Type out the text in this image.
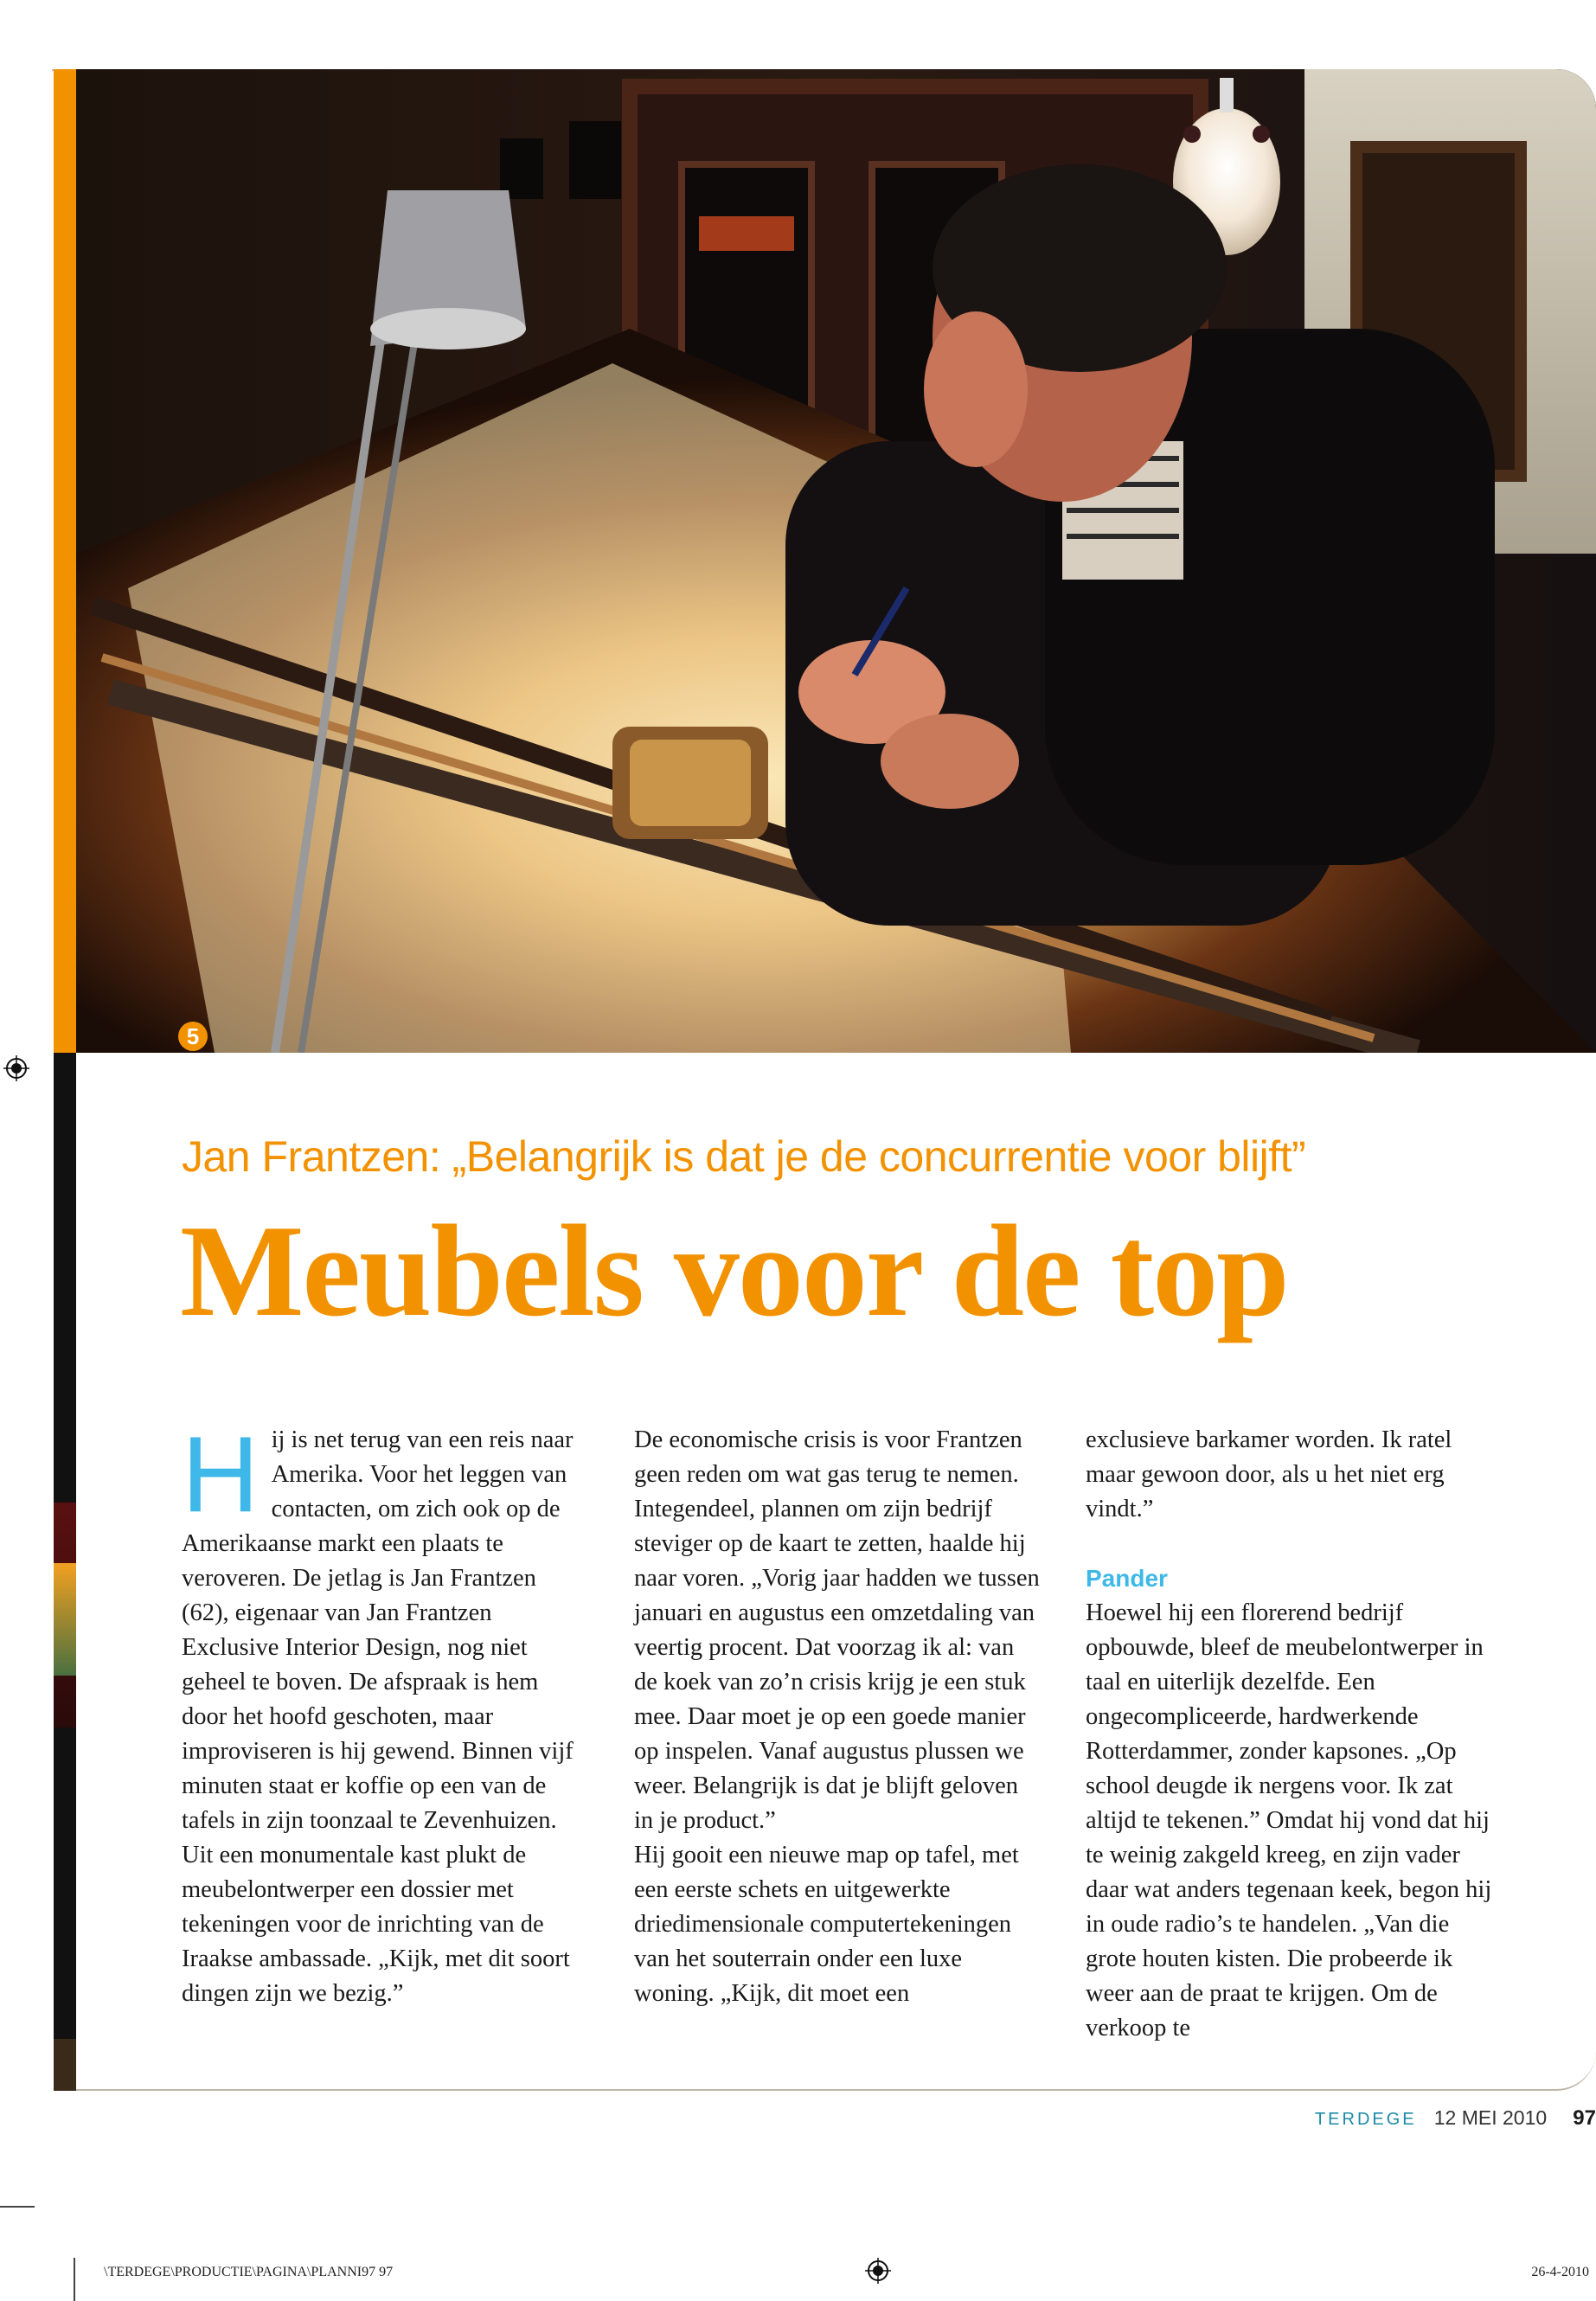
5
Jan Frantzen: „Belangrijk is dat je de concurrentie voor blijft”
Meubels voor de top
H ij is net terug van een reis naar Amerika. Voor het leggen van contacten, om zich ook op de Amerikaanse markt een plaats te veroveren. De jetlag is Jan Frantzen (62), eigenaar van Jan Frantzen Exclusive Interior Design, nog niet geheel te boven. De afspraak is hem door het hoofd geschoten, maar improviseren is hij gewend. Binnen vijf minuten staat er koffie op een van de tafels in zijn toonzaal te Zevenhuizen. Uit een monumentale kast plukt de meubelontwerper een dossier met tekeningen voor de inrichting van de Iraakse ambassade. „Kijk, met dit soort dingen zijn we bezig.”

De economische crisis is voor Frantzen geen reden om wat gas terug te nemen. Integendeel, plannen om zijn bedrijf steviger op de kaart te zetten, haalde hij naar voren. „Vorig jaar hadden we tussen januari en augustus een omzetdaling van veertig procent. Dat voorzag ik al: van de koek van zo’n crisis krijg je een stuk mee. Daar moet je op een goede manier op inspelen. Vanaf augustus plussen we weer. Belangrijk is dat je blijft geloven in je product.”

Hij gooit een nieuwe map op tafel, met een eerste schets en uitgewerkte driedimensionale computertekeningen van het souterrain onder een luxe woning. „Kijk, dit moet een

exclusieve barkamer worden. Ik ratel maar gewoon door, als u het niet erg vindt.”

Pander

Hoewel hij een florerend bedrijf opbouwde, bleef de meubelontwerper in taal en uiterlijk dezelfde. Een ongecompliceerde, hardwerkende Rotterdammer, zonder kapsones. „Op school deugde ik nergens voor. Ik zat altijd te tekenen.” Omdat hij vond dat hij te weinig zakgeld kreeg, en zijn vader daar wat anders tegenaan keek, begon hij in oude radio’s te handelen. „Van die grote houten kisten. Die probeerde ik weer aan de praat te krijgen. Om de verkoop te

TERDEGE 12 MEI 2010 97
\TERDEGE\PRODUCTIE\PAGINA\PLANNI97 97	26-4-2010
